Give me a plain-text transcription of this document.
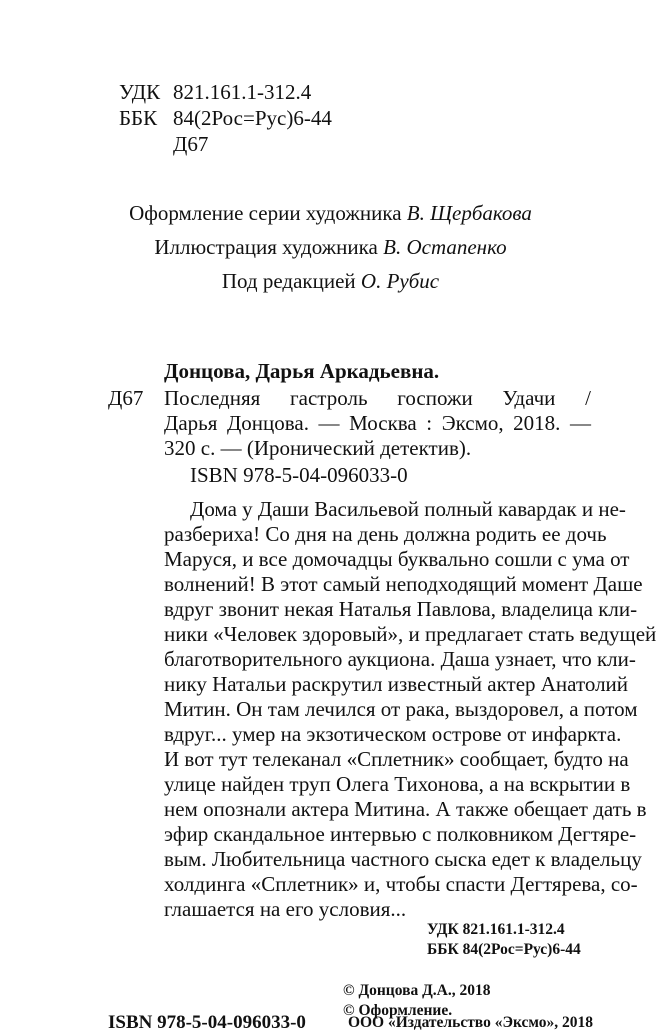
УДК 821.161.1-312.4
ББК 84(2Рос=Рус)6-44
Д67
Оформление серии художника В. Щербакова
Иллюстрация художника В. Остапенко
Под редакцией О. Рубис
Донцова, Дарья Аркадьевна.
Д67 Последняя гастроль госпожи Удачи /
Дарья Донцова. — Москва : Эксмо, 2018. —
320 с. — (Иронический детектив).
ISBN 978-5-04-096033-0
Дома у Даши Васильевой полный кавардак и не-
разбериха! Со дня на день должна родить ее дочь
Маруся, и все домочадцы буквально сошли с ума от
волнений! В этот самый неподходящий момент Даше
вдруг звонит некая Наталья Павлова, владелица кли-
ники «Человек здоровый», и предлагает стать ведущей
благотворительного аукциона. Даша узнает, что кли-
нику Натальи раскрутил известный актер Анатолий
Митин. Он там лечился от рака, выздоровел, а потом
вдруг... умер на экзотическом острове от инфаркта.
И вот тут телеканал «Сплетник» сообщает, будто на
улице найден труп Олега Тихонова, а на вскрытии в
нем опознали актера Митина. А также обещает дать в
эфир скандальное интервью с полковником Дегтяре-
вым. Любительница частного сыска едет к владельцу
холдинга «Сплетник» и, чтобы спасти Дегтярева, со-
глашается на его условия...
УДК 821.161.1-312.4
ББК 84(2Рос=Рус)6-44
© Донцова Д.А., 2018
© Оформление.
ISBN 978-5-04-096033-0	ООО «Издательство «Эксмо», 2018
